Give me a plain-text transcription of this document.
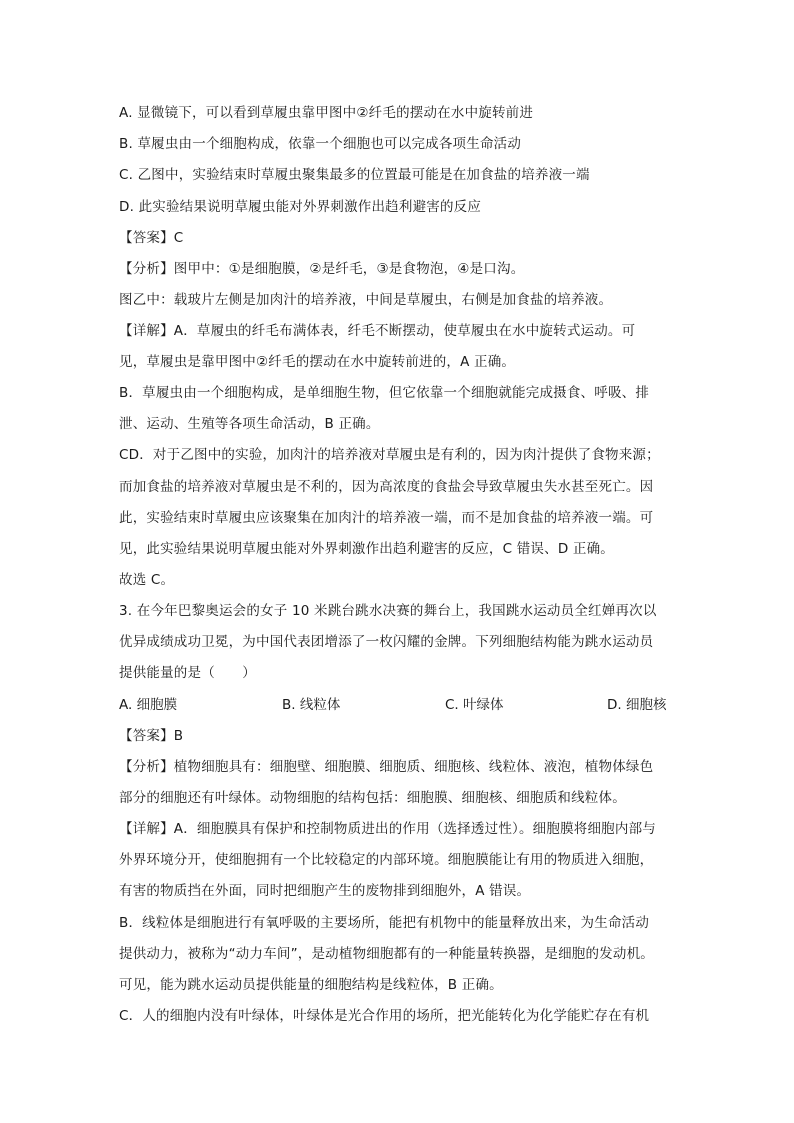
A. 显微镜下，可以看到草履虫靠甲图中②纤毛的摆动在水中旋转前进
B. 草履虫由一个细胞构成，依靠一个细胞也可以完成各项生命活动
C. 乙图中，实验结束时草履虫聚集最多的位置最可能是在加食盐的培养液一端
D. 此实验结果说明草履虫能对外界刺激作出趋利避害的反应
【答案】C
【分析】图甲中：①是细胞膜，②是纤毛，③是食物泡，④是口沟。
图乙中：载玻片左侧是加肉汁的培养液，中间是草履虫，右侧是加食盐的培养液。
【详解】A．草履虫的纤毛布满体表，纤毛不断摆动，使草履虫在水中旋转式运动。可
见，草履虫是靠甲图中②纤毛的摆动在水中旋转前进的，A 正确。
B．草履虫由一个细胞构成，是单细胞生物，但它依靠一个细胞就能完成摄食、呼吸、排
泄、运动、生殖等各项生命活动，B 正确。
CD．对于乙图中的实验，加肉汁的培养液对草履虫是有利的，因为肉汁提供了食物来源；
而加食盐的培养液对草履虫是不利的，因为高浓度的食盐会导致草履虫失水甚至死亡。因
此，实验结束时草履虫应该聚集在加肉汁的培养液一端，而不是加食盐的培养液一端。可
见，此实验结果说明草履虫能对外界刺激作出趋利避害的反应，C 错误、D 正确。
故选 C。
3. 在今年巴黎奥运会的女子 10 米跳台跳水决赛的舞台上，我国跳水运动员全红婵再次以
优异成绩成功卫冕，为中国代表团增添了一枚闪耀的金牌。下列细胞结构能为跳水运动员
提供能量的是（　　）
A. 细胞膜	B. 线粒体	C. 叶绿体	D. 细胞核
【答案】B
【分析】植物细胞具有：细胞壁、细胞膜、细胞质、细胞核、线粒体、液泡，植物体绿色
部分的细胞还有叶绿体。动物细胞的结构包括：细胞膜、细胞核、细胞质和线粒体。
【详解】A．细胞膜具有保护和控制物质进出的作用（选择透过性）。细胞膜将细胞内部与
外界环境分开，使细胞拥有一个比较稳定的内部环境。细胞膜能让有用的物质进入细胞，
有害的物质挡在外面，同时把细胞产生的废物排到细胞外，A 错误。
B．线粒体是细胞进行有氧呼吸的主要场所，能把有机物中的能量释放出来，为生命活动
提供动力，被称为“动力车间”，是动植物细胞都有的一种能量转换器，是细胞的发动机。
可见，能为跳水运动员提供能量的细胞结构是线粒体，B 正确。
C．人的细胞内没有叶绿体，叶绿体是光合作用的场所，把光能转化为化学能贮存在有机
